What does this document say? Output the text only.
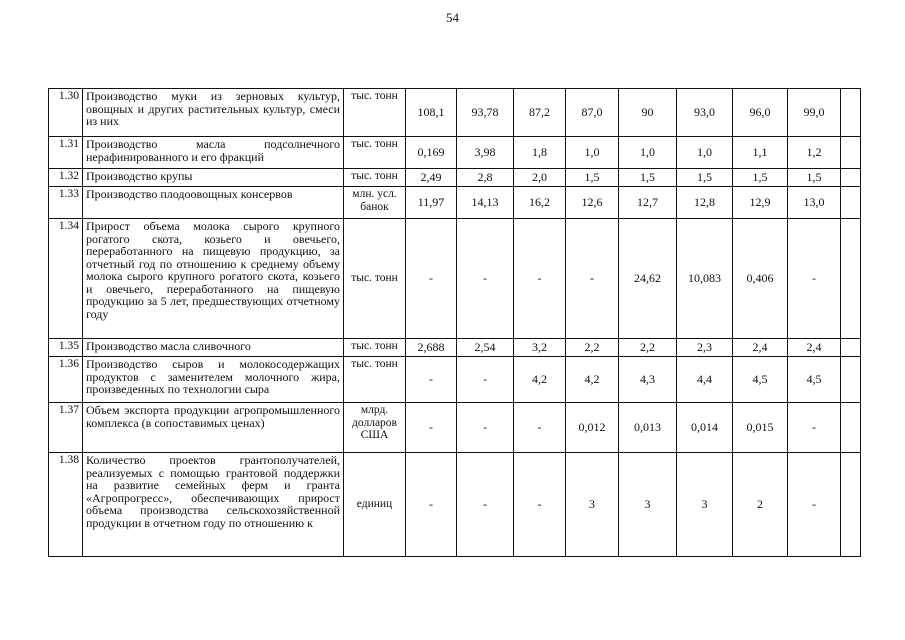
54
1.30	Производство муки из зерновых культур, овощных и других растительных культур, смеси из них	тыс. тонн	108,1	93,78	87,2	87,0	90	93,0	96,0	99,0	
1.31	Производство масла подсолнечного нерафинированного и его фракций	тыс. тонн	0,169	3,98	1,8	1,0	1,0	1,0	1,1	1,2	
1.32	Производство крупы	тыс. тонн	2,49	2,8	2,0	1,5	1,5	1,5	1,5	1,5	
1.33	Производство плодоовощных консервов	млн. усл. банок	11,97	14,13	16,2	12,6	12,7	12,8	12,9	13,0	
1.34	Прирост объема молока сырого крупного рогатого скота, козьего и овечьего, переработанного на пищевую продукцию, за отчетный год по отношению к среднему объему молока сырого крупного рогатого скота, козьего и овечьего, переработанного на пищевую продукцию за 5 лет, предшествующих отчетному году	тыс. тонн	-	-	-	-	24,62	10,083	0,406	-	
1.35	Производство масла сливочного	тыс. тонн	2,688	2,54	3,2	2,2	2,2	2,3	2,4	2,4	
1.36	Производство сыров и молокосодержащих продуктов с заменителем молочного жира, произведенных по технологии сыра	тыс. тонн	-	-	4,2	4,2	4,3	4,4	4,5	4,5	
1.37	Объем экспорта продукции агропромышленного комплекса (в сопоставимых ценах)	млрд. долларов США	-	-	-	0,012	0,013	0,014	0,015	-	
1.38	Количество проектов грантополучателей, реализуемых с помощью грантовой поддержки на развитие семейных ферм и гранта «Агропрогресс», обеспечивающих прирост объема производства сельскохозяйственной продукции в отчетном году по отношению к	единиц	-	-	-	3	3	3	2	-	
